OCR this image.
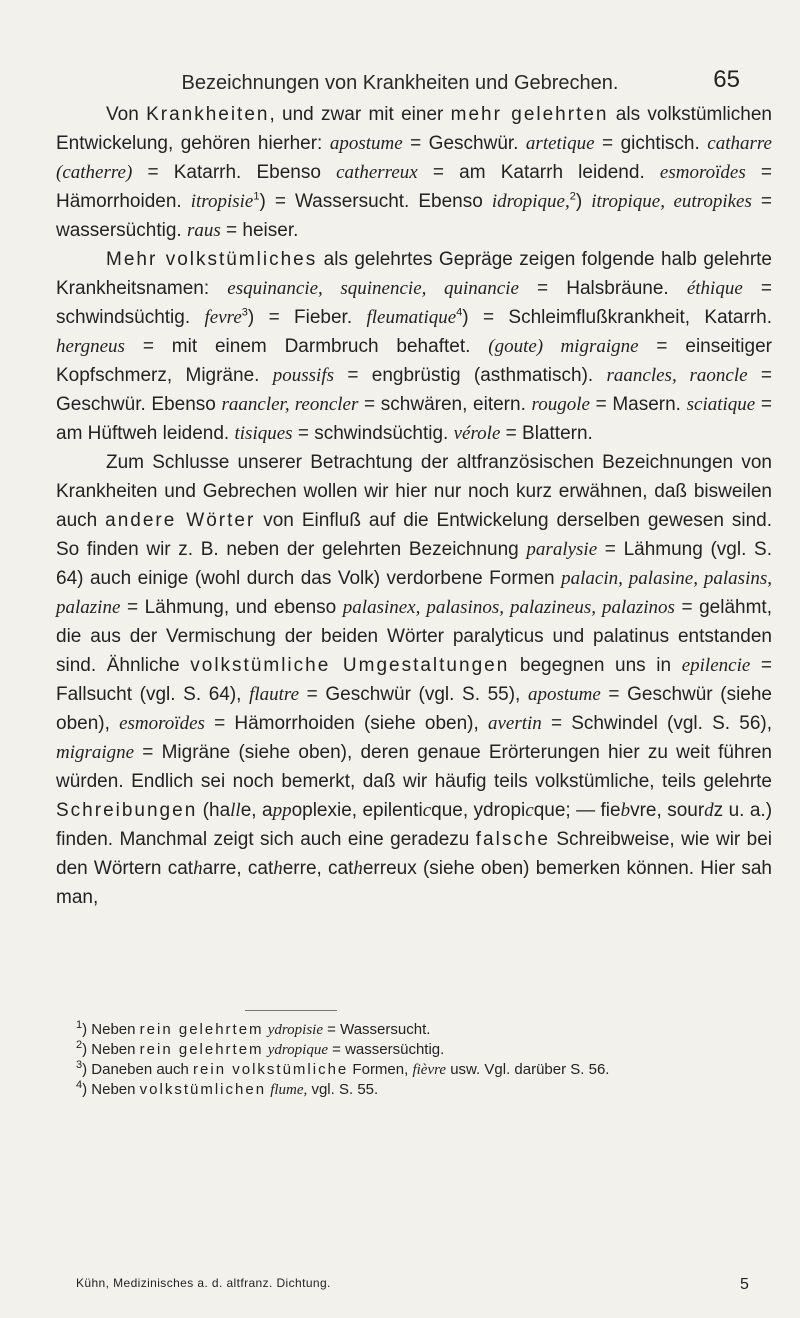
Bezeichnungen von Krankheiten und Gebrechen.	65

Von Krankheiten, und zwar mit einer mehr gelehrten als volkstümlichen Entwickelung, gehören hierher: apostume = Geschwür. artetique = gichtisch. catharre (catherre) = Katarrh. Ebenso catherreux = am Katarrh leidend. esmoroïdes = Hämorrhoiden. itropisie$^1$) = Wassersucht. Ebenso idropique,$^2$) itropique, eutropikes = wassersüchtig. raus = heiser.

Mehr volkstümliches als gelehrtes Gepräge zeigen folgende halb gelehrte Krankheitsnamen: esquinancie, squinencie, quinancie = Halsbräune. éthique = schwindsüchtig. fevre$^3$) = Fieber. fleumatique$^4$) = Schleimflußkrankheit, Katarrh. hergneus = mit einem Darmbruch behaftet. (goute) migraigne = einseitiger Kopfschmerz, Migräne. poussifs = engbrüstig (asthmatisch). raancles, raoncle = Geschwür. Ebenso raancler, reoncler = schwären, eitern. rougole = Masern. sciatique = am Hüftweh leidend. tisiques = schwindsüchtig. vérole = Blattern.

Zum Schlusse unserer Betrachtung der altfranzösischen Bezeichnungen von Krankheiten und Gebrechen wollen wir hier nur noch kurz erwähnen, daß bisweilen auch andere Wörter von Einfluß auf die Entwickelung derselben gewesen sind. So finden wir z. B. neben der gelehrten Bezeichnung paralysie = Lähmung (vgl. S. 64) auch einige (wohl durch das Volk) verdorbene Formen palacin, palasine, palasins, palazine = Lähmung, und ebenso palasinex, palasinos, palazineus, palazinos = gelähmt, die aus der Vermischung der beiden Wörter paralyticus und palatinus entstanden sind. Ähnliche volkstümliche Umgestaltungen begegnen uns in epilencie = Fallsucht (vgl. S. 64), flautre = Geschwür (vgl. S. 55), apostume = Geschwür (siehe oben), esmoroïdes = Hämorrhoiden (siehe oben), avertin = Schwindel (vgl. S. 56), migraigne = Migräne (siehe oben), deren genaue Erörterungen hier zu weit führen würden. Endlich sei noch bemerkt, daß wir häufig teils volkstümliche, teils gelehrte Schreibungen (halle, appoplexie, epilenticque, ydropicque; — fiebvre, sourdz u. a.) finden. Manchmal zeigt sich auch eine geradezu falsche Schreibweise, wie wir bei den Wörtern catharre, catherre, catherreux (siehe oben) bemerken können. Hier sah man,

$^1$) Neben rein gelehrtem ydropisie = Wassersucht.
$^2$) Neben rein gelehrtem ydropique = wassersüchtig.
$^3$) Daneben auch rein volkstümliche Formen, fièvre usw. Vgl. darüber S. 56.
$^4$) Neben volkstümlichen flume, vgl. S. 55.
Kühn, Medizinisches a. d. altfranz. Dichtung.	5
